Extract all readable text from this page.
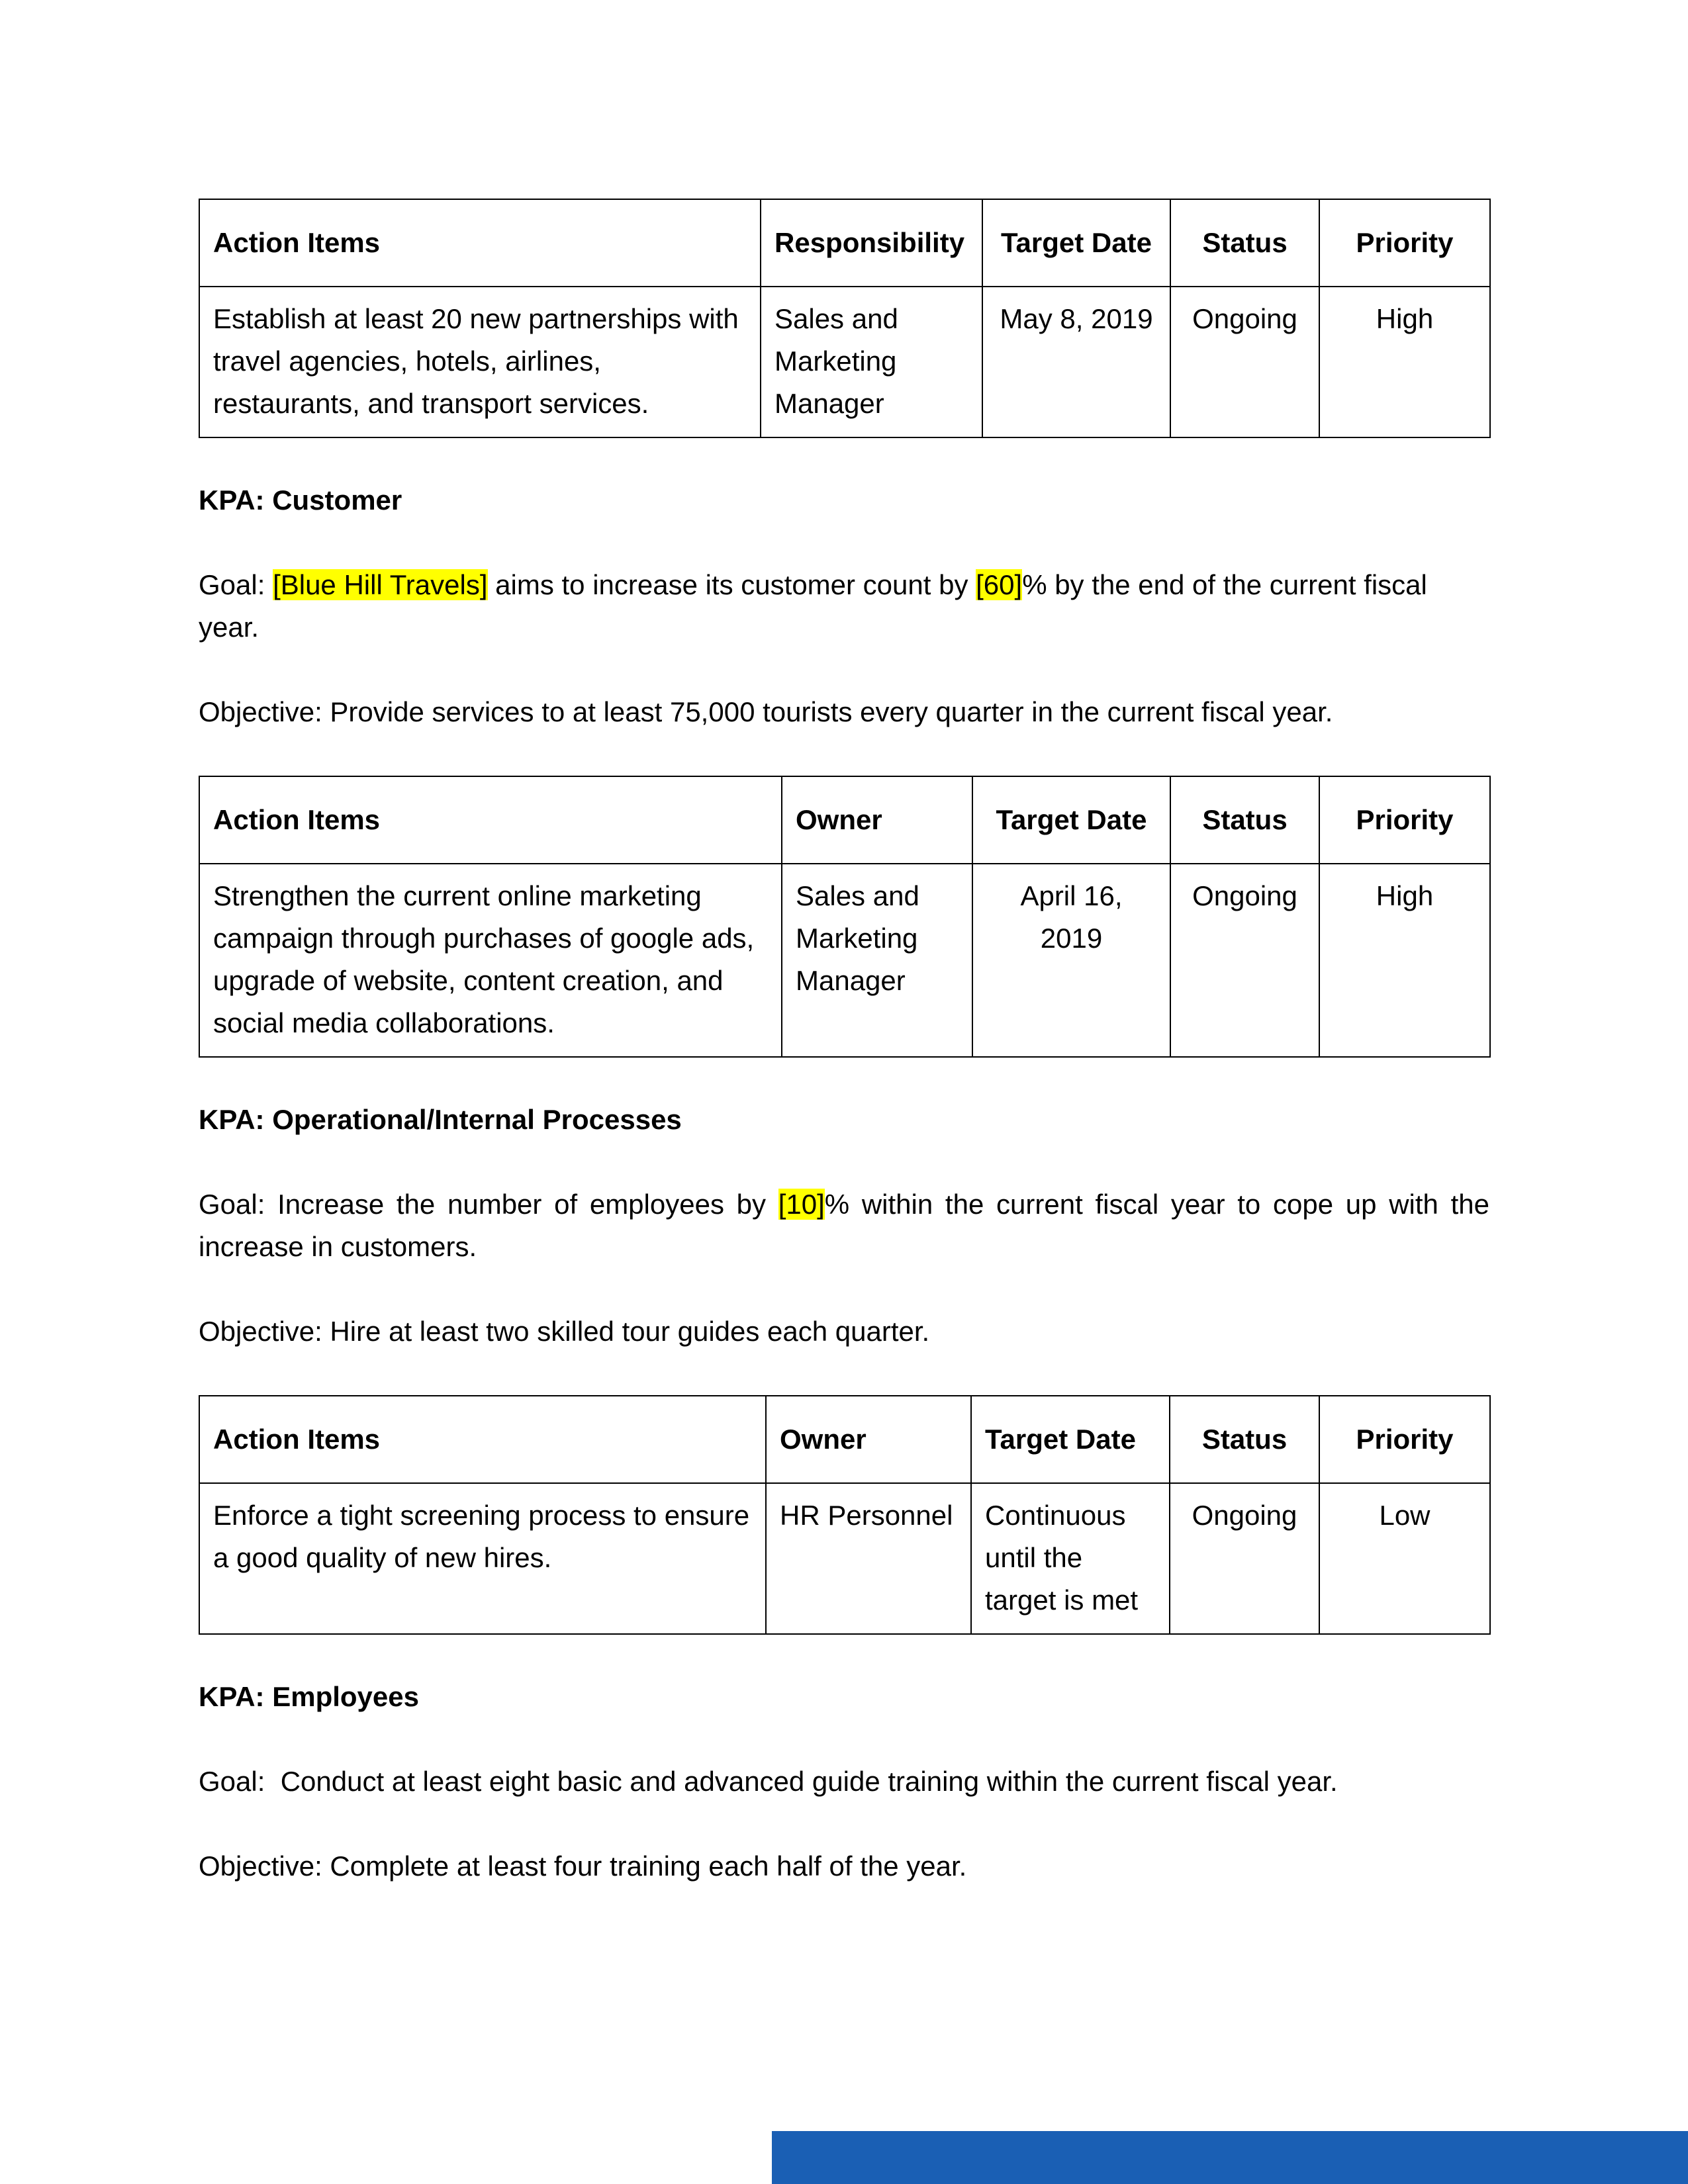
Action Items	Responsibility	Target Date	Status	Priority
Establish at least 20 new partnerships with travel agencies, hotels, airlines, restaurants, and transport services.	Sales and Marketing Manager	May 8, 2019	Ongoing	High

KPA: Customer

Goal: [Blue Hill Travels] aims to increase its customer count by [60]% by the end of the current fiscal year.

Objective: Provide services to at least 75,000 tourists every quarter in the current fiscal year.

Action Items	Owner	Target Date	Status	Priority
Strengthen the current online marketing campaign through purchases of google ads, upgrade of website, content creation, and social media collaborations.	Sales and Marketing Manager	April 16, 2019	Ongoing	High

KPA: Operational/Internal Processes

Goal: Increase the number of employees by [10]% within the current fiscal year to cope up with the increase in customers.

Objective: Hire at least two skilled tour guides each quarter.

Action Items	Owner	Target Date	Status	Priority
Enforce a tight screening process to ensure a good quality of new hires.	HR Personnel	Continuous until the target is met	Ongoing	Low

KPA: Employees

Goal:  Conduct at least eight basic and advanced guide training within the current fiscal year.

Objective: Complete at least four training each half of the year.
